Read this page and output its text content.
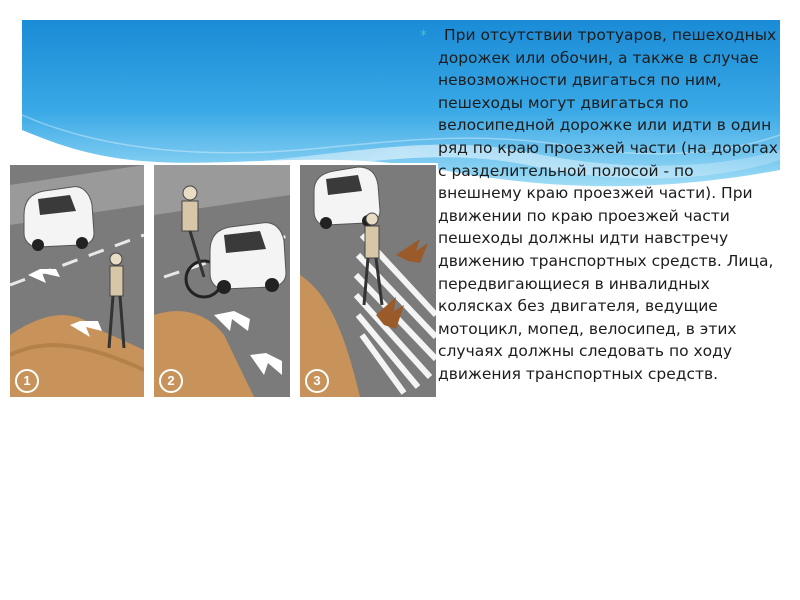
1	2	3
*	При отсутствии тротуаров, пешеходных дорожек или обочин, а также в случае невозможности двигаться по ним, пешеходы могут двигаться по велосипедной дорожке или идти в один ряд по краю проезжей части (на дорогах с разделительной полосой - по внешнему краю проезжей части). При движении по краю проезжей части пешеходы должны идти навстречу движению транспортных средств. Лица, передвигающиеся в инвалидных колясках без двигателя, ведущие мотоцикл, мопед, велосипед, в этих случаях должны следовать по ходу движения транспортных средств.
